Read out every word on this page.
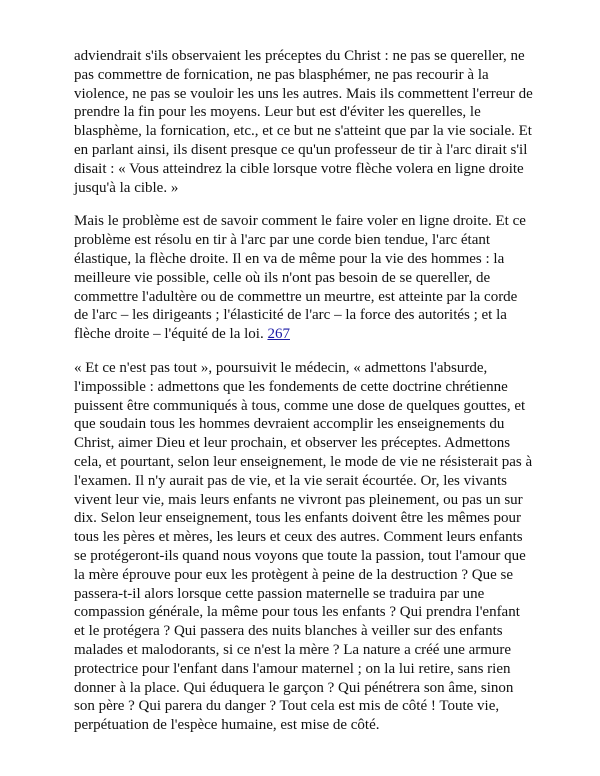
adviendrait s'ils observaient les préceptes du Christ : ne pas se quereller, ne pas commettre de fornication, ne pas blasphémer, ne pas recourir à la violence, ne pas se vouloir les uns les autres. Mais ils commettent l'erreur de prendre la fin pour les moyens. Leur but est d'éviter les querelles, le blasphème, la fornication, etc., et ce but ne s'atteint que par la vie sociale. Et en parlant ainsi, ils disent presque ce qu'un professeur de tir à l'arc dirait s'il disait : « Vous atteindrez la cible lorsque votre flèche volera en ligne droite jusqu'à la cible. »

Mais le problème est de savoir comment le faire voler en ligne droite. Et ce problème est résolu en tir à l'arc par une corde bien tendue, l'arc étant élastique, la flèche droite. Il en va de même pour la vie des hommes : la meilleure vie possible, celle où ils n'ont pas besoin de se quereller, de commettre l'adultère ou de commettre un meurtre, est atteinte par la corde de l'arc – les dirigeants ; l'élasticité de l'arc – la force des autorités ; et la flèche droite – l'équité de la loi. 267

« Et ce n'est pas tout », poursuivit le médecin, « admettons l'absurde, l'impossible : admettons que les fondements de cette doctrine chrétienne puissent être communiqués à tous, comme une dose de quelques gouttes, et que soudain tous les hommes devraient accomplir les enseignements du Christ, aimer Dieu et leur prochain, et observer les préceptes. Admettons cela, et pourtant, selon leur enseignement, le mode de vie ne résisterait pas à l'examen. Il n'y aurait pas de vie, et la vie serait écourtée. Or, les vivants vivent leur vie, mais leurs enfants ne vivront pas pleinement, ou pas un sur dix. Selon leur enseignement, tous les enfants doivent être les mêmes pour tous les pères et mères, les leurs et ceux des autres. Comment leurs enfants se protégeront-ils quand nous voyons que toute la passion, tout l'amour que la mère éprouve pour eux les protègent à peine de la destruction ? Que se passera-t-il alors lorsque cette passion maternelle se traduira par une compassion générale, la même pour tous les enfants ? Qui prendra l'enfant et le protégera ? Qui passera des nuits blanches à veiller sur des enfants malades et malodorants, si ce n'est la mère ? La nature a créé une armure protectrice pour l'enfant dans l'amour maternel ; on la lui retire, sans rien donner à la place. Qui éduquera le garçon ? Qui pénétrera son âme, sinon son père ? Qui parera du danger ? Tout cela est mis de côté ! Toute vie, perpétuation de l'espèce humaine, est mise de côté.
